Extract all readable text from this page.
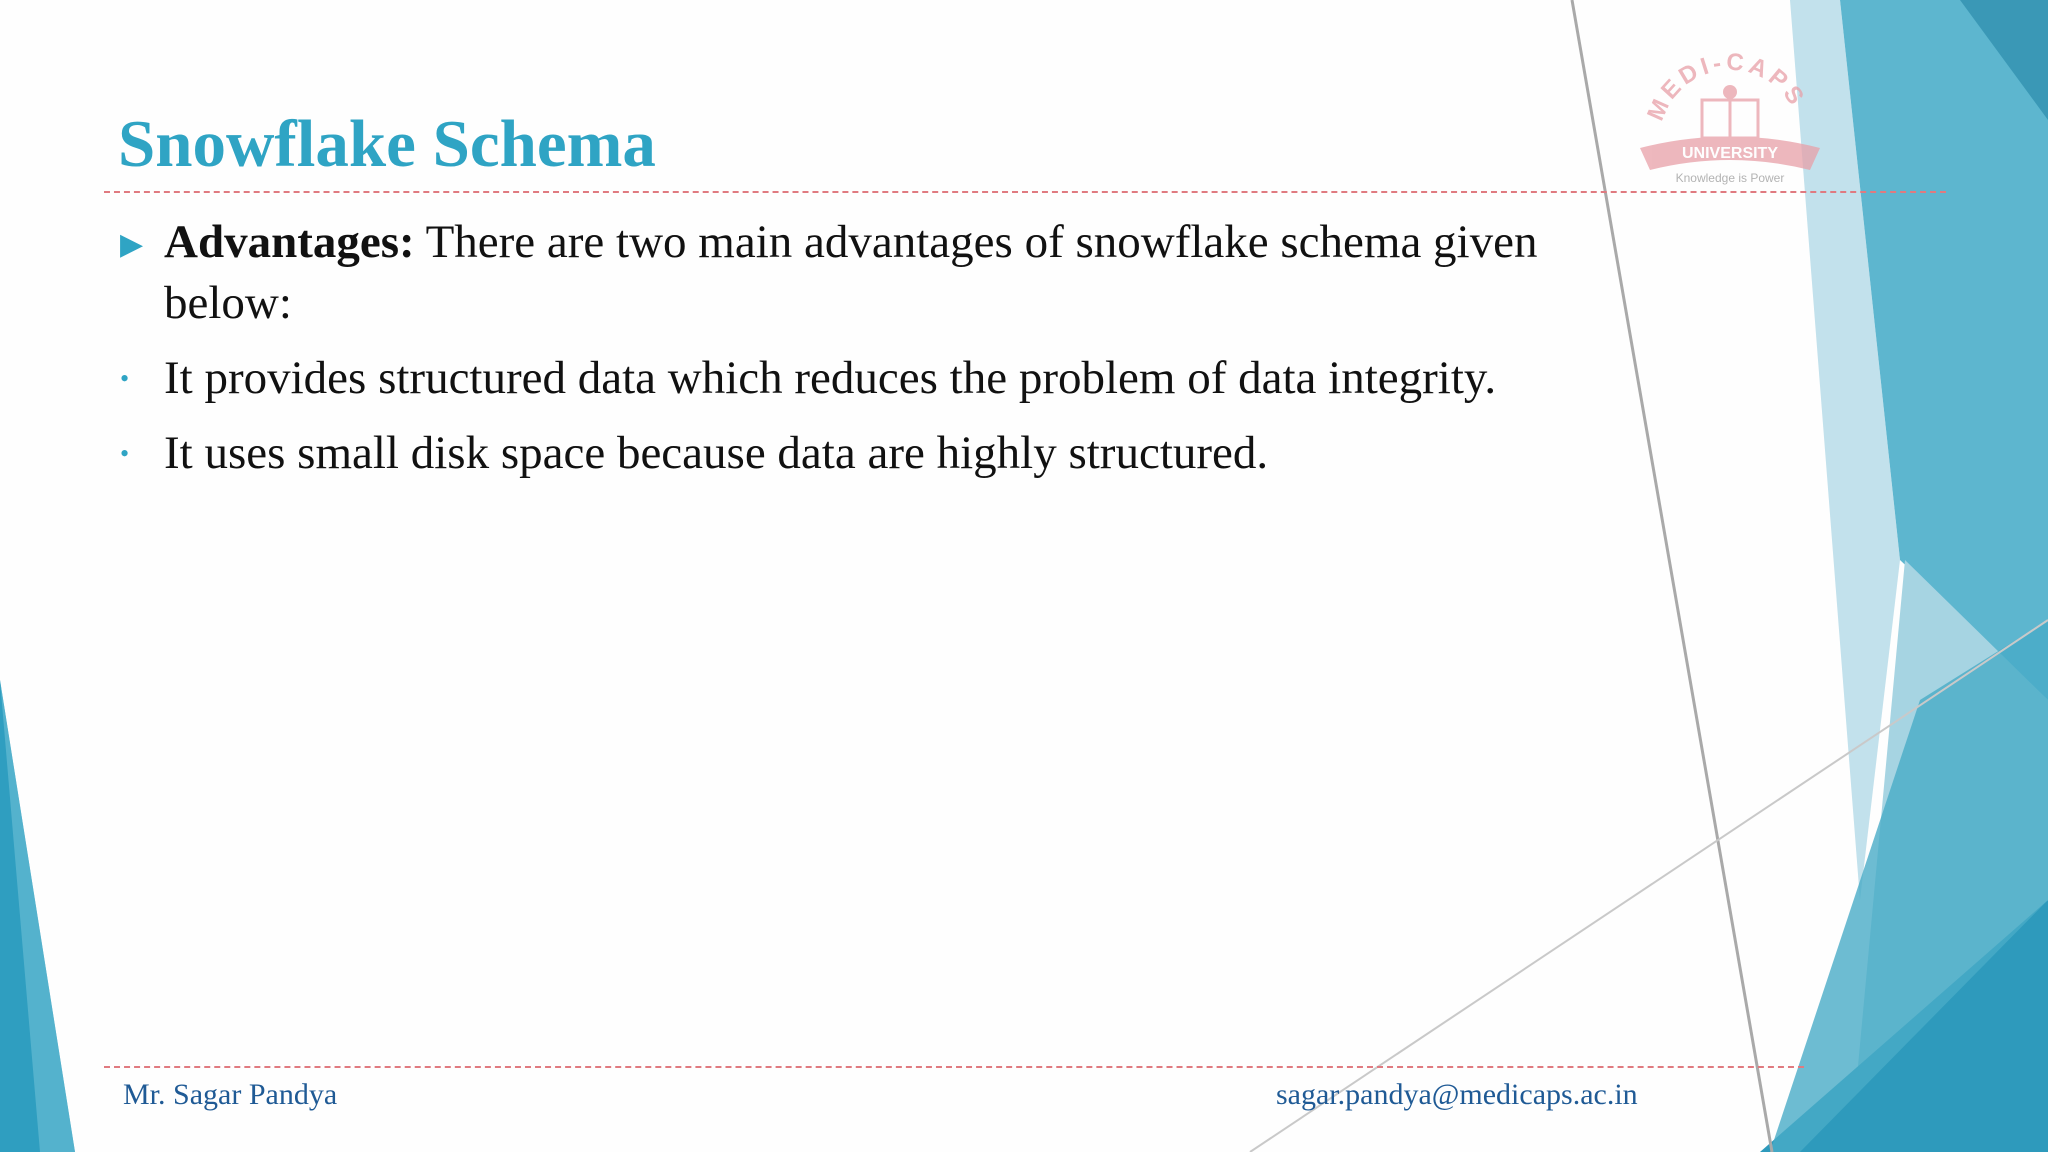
MEDI-CAPS
UNIVERSITY
Knowledge is Power
Snowflake Schema
▶ Advantages: There are two main advantages of snowflake schema given below:
• It provides structured data which reduces the problem of data integrity.
• It uses small disk space because data are highly structured.
Mr. Sagar Pandya	sagar.pandya@medicaps.ac.in
